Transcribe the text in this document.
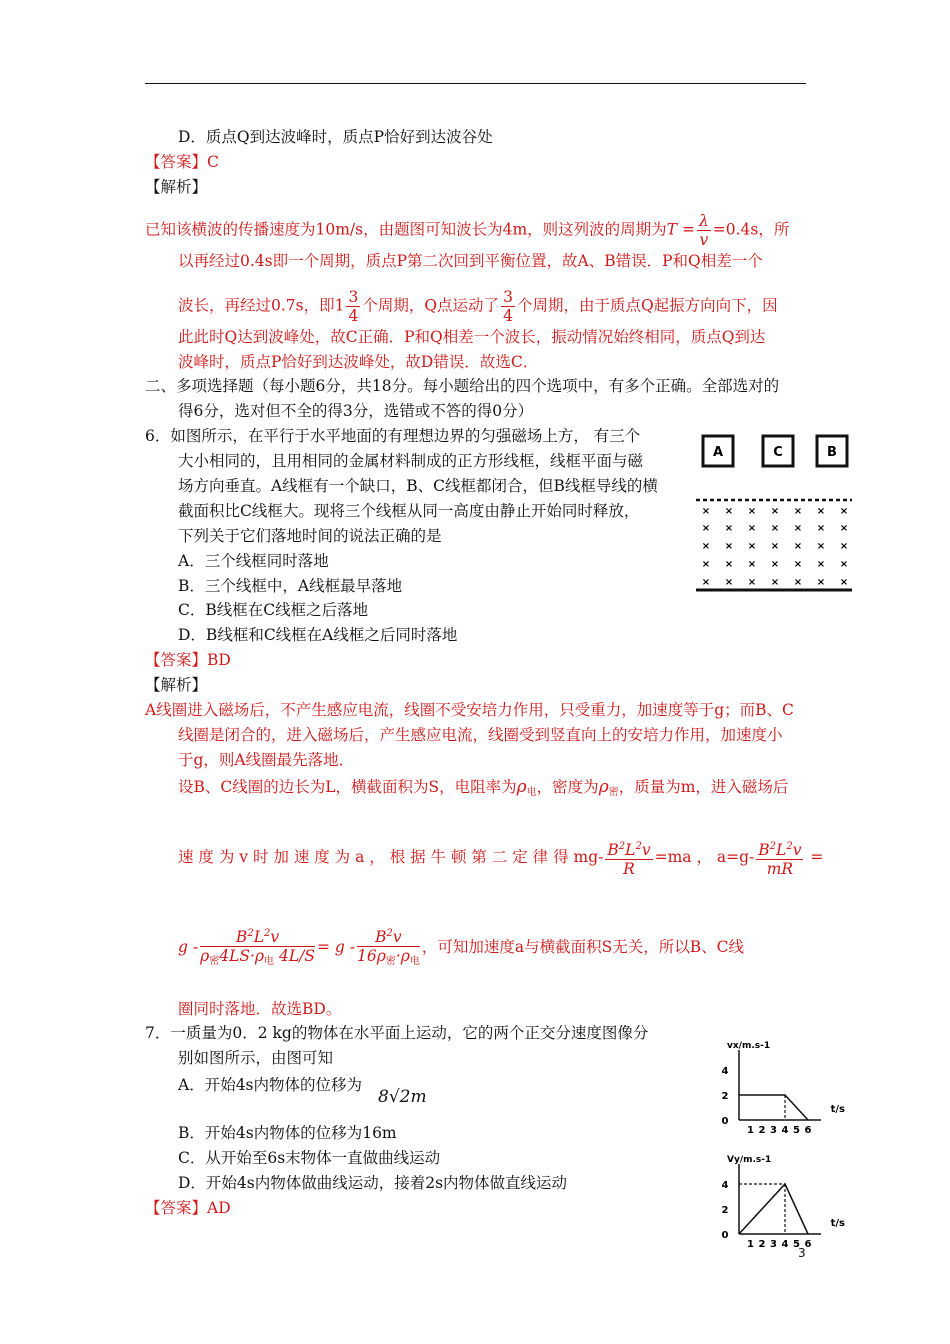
D．质点Q到达波峰时，质点P恰好到达波谷处
【答案】C
【解析】
已知该横波的传播速度为10m/s，由题图可知波长为4m，则这列波的周期为$T = \frac{\lambda}{v} =0.4s$，所
以再经过0.4s即一个周期，质点P第二次回到平衡位置，故A、B错误．P和Q相差一个
波长，再经过0.7s，即$1 \frac{3}{4}$ 个周期，Q点运动了 $\frac{3}{4}$ 个周期，由于质点Q起振方向向下，因
此此时Q达到波峰处，故C正确．P和Q相差一个波长，振动情况始终相同，质点Q到达
波峰时，质点P恰好到达波峰处，故D错误．故选C．
二、多项选择题（每小题6分，共18分。每小题给出的四个选项中，有多个正确。全部选对的
得6分，选对但不全的得3分，选错或不答的得0分）
6．如图所示，在平行于水平地面的有理想边界的匀强磁场上方， 有三个
大小相同的，且用相同的金属材料制成的正方形线框，线框平面与磁
场方向垂直。A线框有一个缺口，B、C线框都闭合，但B线框导线的横
截面积比C线框大。现将三个线框从同一高度由静止开始同时释放，
下列关于它们落地时间的说法正确的是
A．三个线框同时落地
B．三个线框中，A线框最早落地
C．B线框在C线框之后落地
D．B线框和C线框在A线框之后同时落地
【答案】BD
【解析】
A线圈进入磁场后，不产生感应电流，线圈不受安培力作用，只受重力，加速度等于g；而B、C
线圈是闭合的，进入磁场后，产生感应电流，线圈受到竖直向上的安培力作用，加速度小
于g，则A线圈最先落地．
设B、C线圈的边长为L，横截面积为S，电阻率为$\rho_电$，密度为$\rho_密$，质量为m，进入磁场后
速 度 为 v 时 加 速 度 为 a ， 根 据 牛 顿 第 二 定 律 得 $mg- \frac{B^2L^2v}{R} =ma$ ， $a=g- \frac{B^2L^2v}{mR}$ =
$g - \frac{B^2L^2v}{\rho_密4LS\cdot\rho_电 4L/S} = g - \frac{B^2v}{16\rho_密\cdot\rho_电}$ ，可知加速度a与横截面积S无关，所以B、C线
圈同时落地．故选BD。
A	C	B
× × × × × × ×
× × × × × × ×
× × × × × × ×
× × × × × × ×
× × × × × × ×
7．一质量为0．2 kg的物体在水平面上运动，它的两个正交分速度图像分
别如图所示，由图可知
A．开始4s内物体的位移为
8√2m
B．开始4s内物体的位移为16m
C．从开始至6s末物体一直做曲线运动
D．开始4s内物体做曲线运动，接着2s内物体做直线运动
【答案】AD
vx/m.s-1
t/s
4
2
0
1 2 3 4 5 6
Vy/m.s-1
t/s
4
2
0
1 2 3 4 5 6
3
